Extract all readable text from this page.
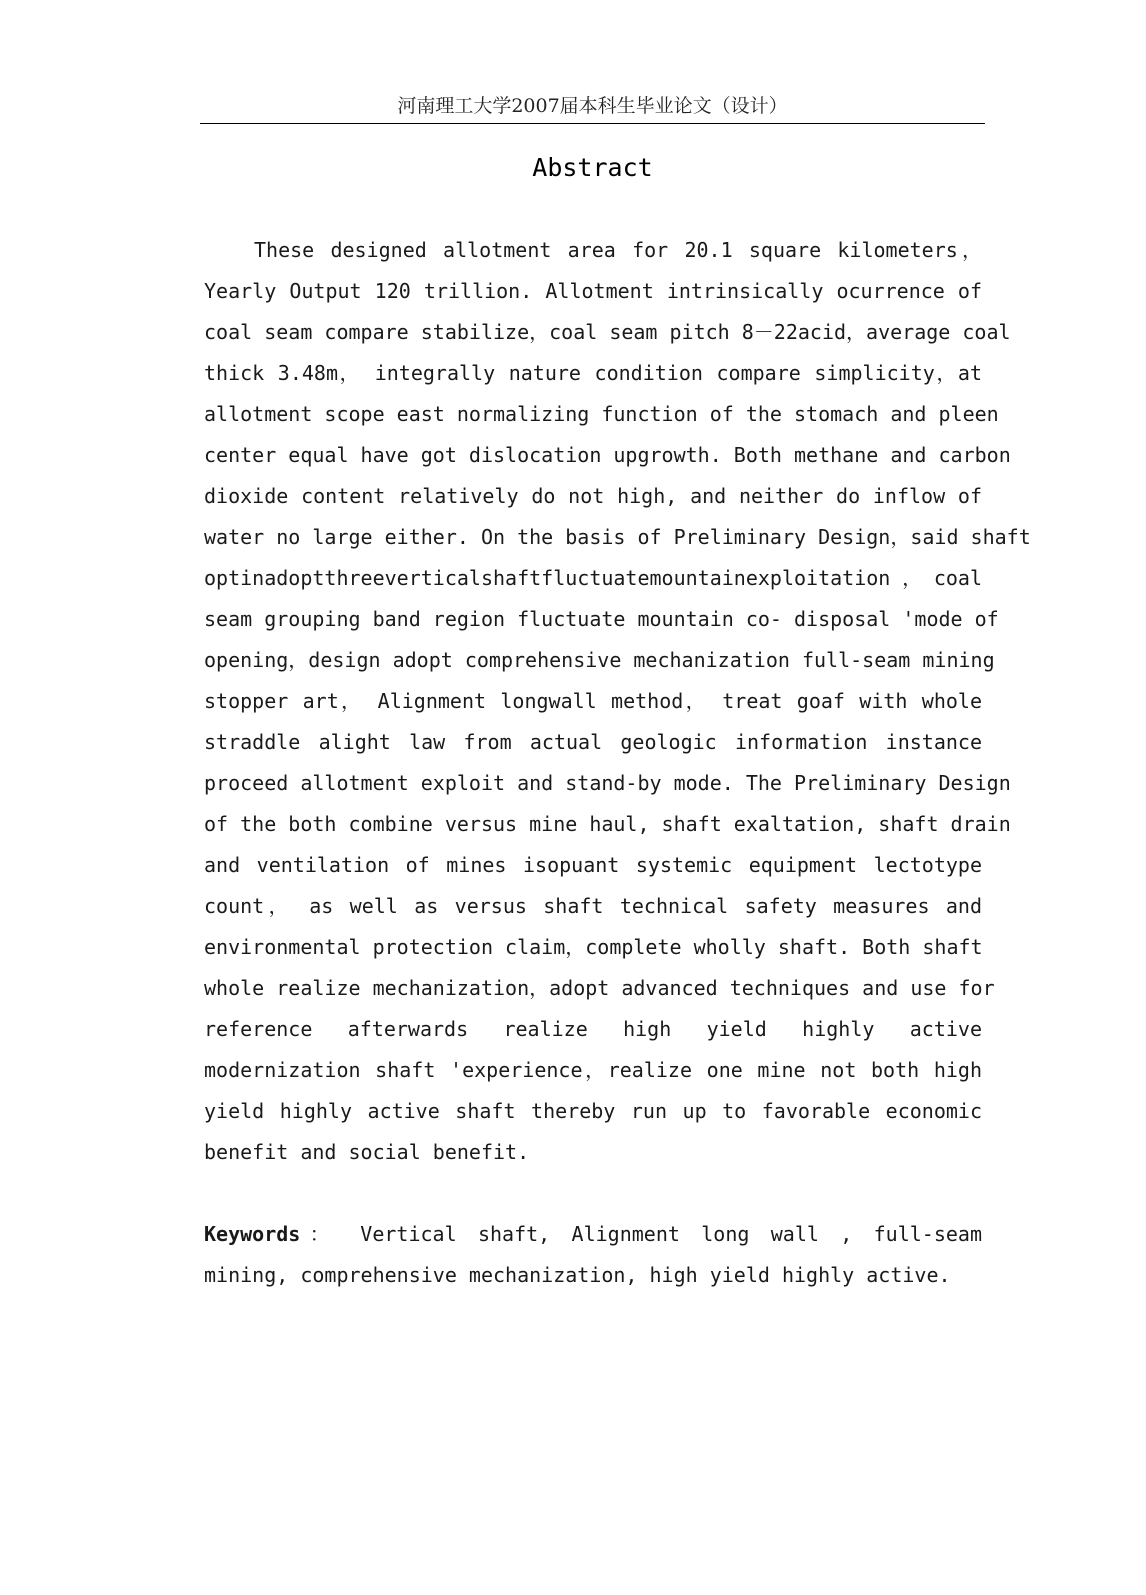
河南理工大学2007届本科生毕业论文（设计）
Abstract
These designed allotment area for 20.1 square kilometers，
Yearly Output 120 trillion. Allotment intrinsically ocurrence of
coal seam compare stabilize，coal seam pitch 8－22acid，average coal
thick 3.48m， integrally nature condition compare simplicity，at
allotment scope east normalizing function of the stomach and pleen
center equal have got dislocation upgrowth. Both methane and carbon
dioxide content relatively do not high, and neither do inflow of
water no large either. On the basis of Preliminary Design，said shaft
optinadoptthreeverticalshaftfluctuatemountainexploitation，coal
seam grouping band region fluctuate mountain co- disposal 'mode of
opening，design adopt comprehensive mechanization full-seam mining
stopper art， Alignment longwall method， treat goaf with whole
straddle alight law from actual geologic information instance
proceed allotment exploit and stand-by mode. The Preliminary Design
of the both combine versus mine haul, shaft exaltation, shaft drain
and ventilation of mines isopuant systemic equipment lectotype
count， as well as versus shaft technical safety measures and
environmental protection claim，complete wholly shaft. Both shaft
whole realize mechanization，adopt advanced techniques and use for
reference afterwards realize high yield highly active
modernization shaft 'experience，realize one mine not both high
yield highly active shaft thereby run up to favorable economic
benefit and social benefit.
Keywords： Vertical shaft, Alignment long wall , full-seam
mining, comprehensive mechanization, high yield highly active.
